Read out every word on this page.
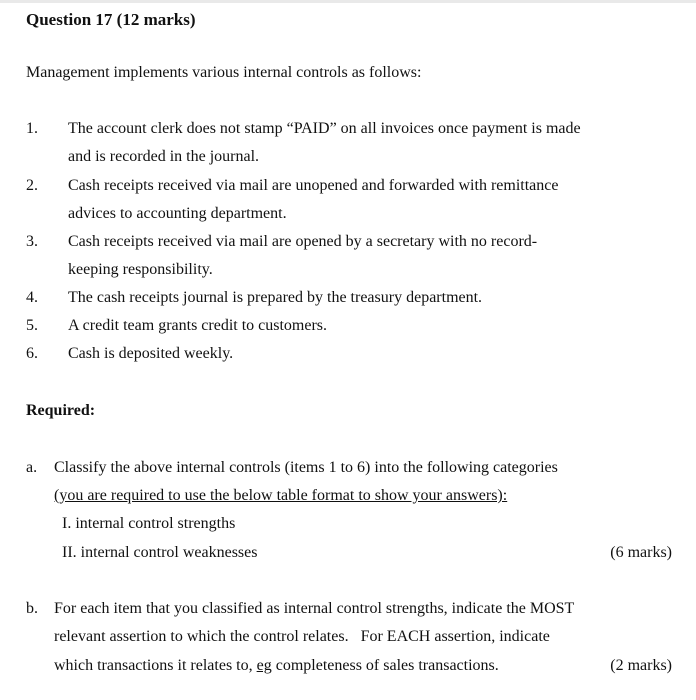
Question 17 (12 marks)
Management implements various internal controls as follows:
1. The account clerk does not stamp “PAID” on all invoices once payment is made
and is recorded in the journal.
2. Cash receipts received via mail are unopened and forwarded with remittance
advices to accounting department.
3. Cash receipts received via mail are opened by a secretary with no record-
keeping responsibility.
4. The cash receipts journal is prepared by the treasury department.
5. A credit team grants credit to customers.
6. Cash is deposited weekly.
Required:
a. Classify the above internal controls (items 1 to 6) into the following categories
(you are required to use the below table format to show your answers):
I. internal control strengths
II. internal control weaknesses	(6 marks)
b. For each item that you classified as internal control strengths, indicate the MOST
relevant assertion to which the control relates.   For EACH assertion, indicate
which transactions it relates to, eg completeness of sales transactions.	(2 marks)
